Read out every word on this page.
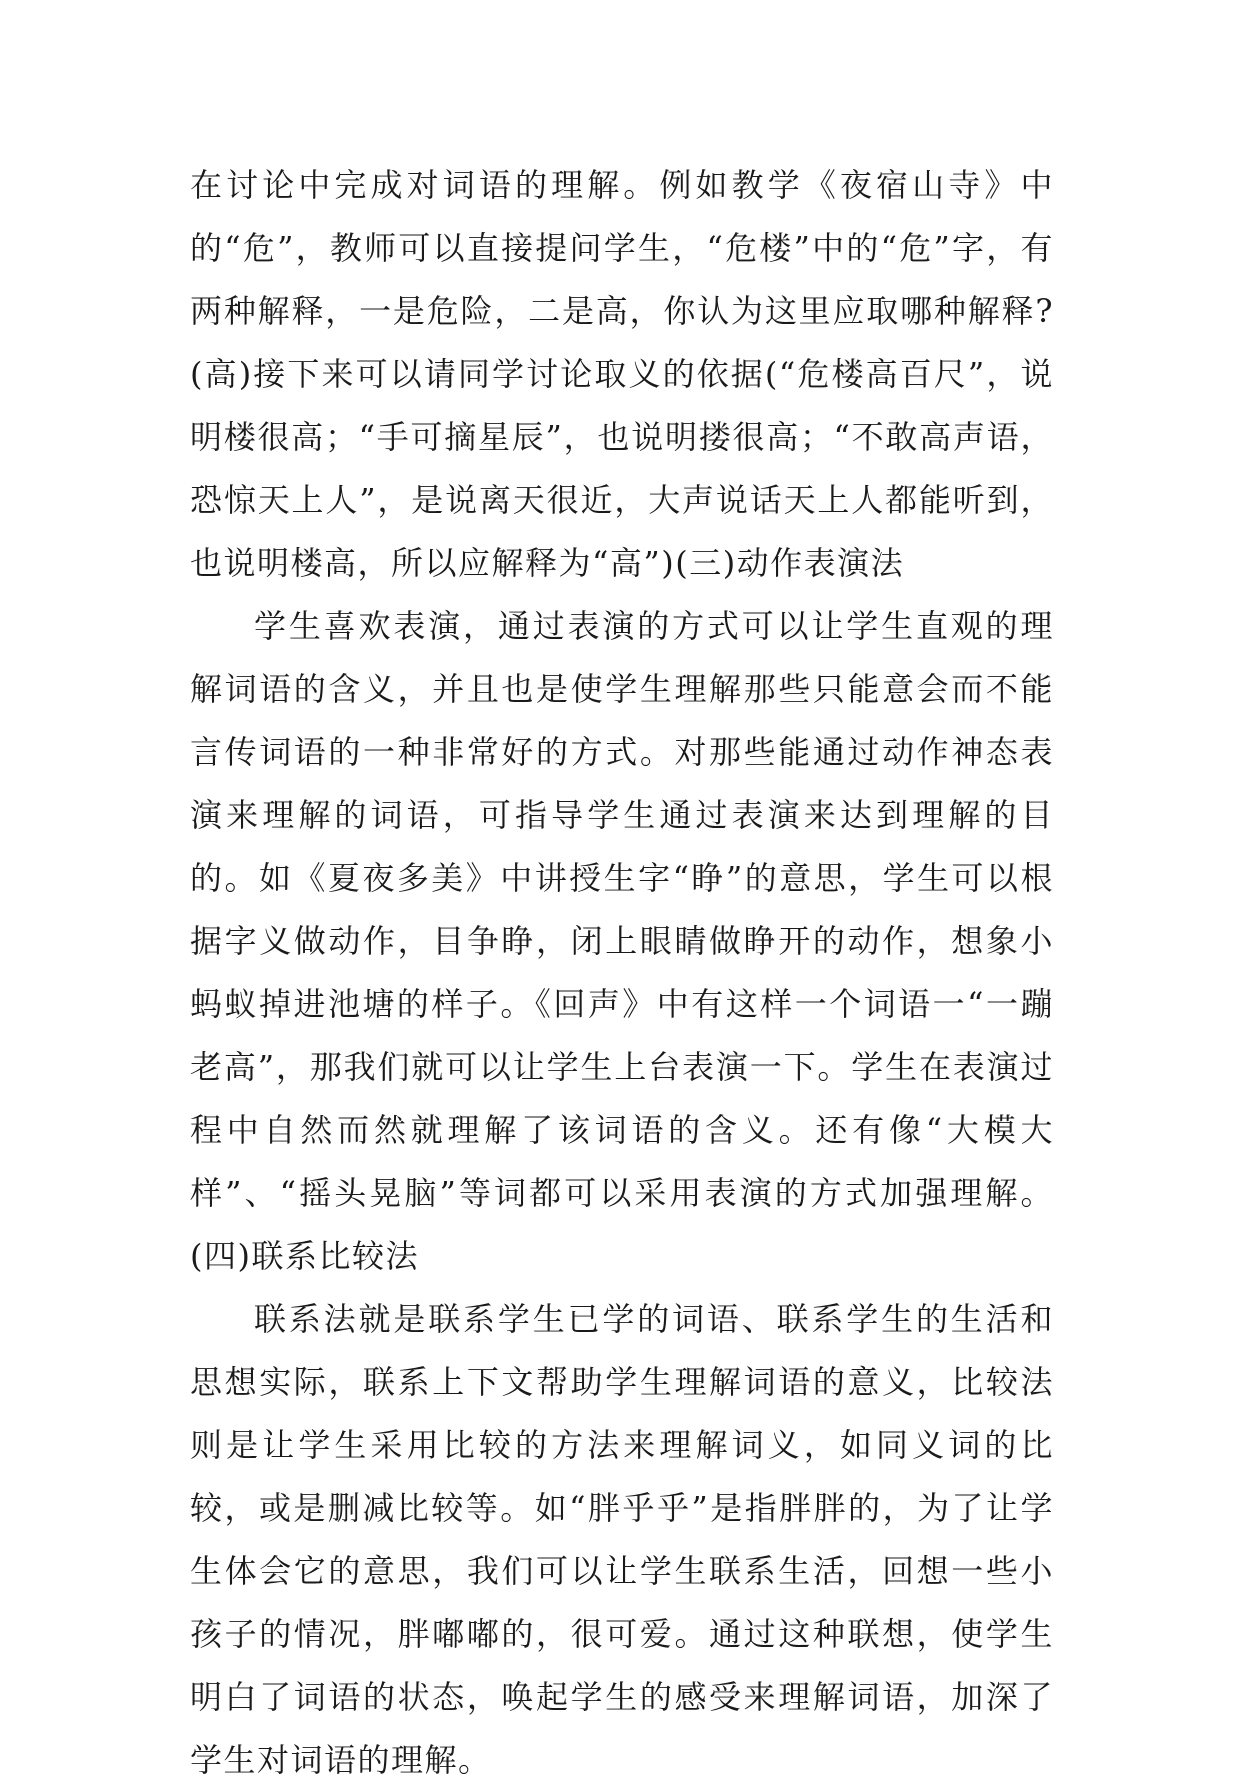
在讨论中完成对词语的理解。例如教学《夜宿山寺》中的“危”，教师可以直接提问学生，“危楼”中的“危”字，有两种解释，一是危险，二是高，你认为这里应取哪种解释?(高)接下来可以请同学讨论取义的依据(“危楼高百尺”，说明楼很高；“手可摘星辰”，也说明搂很高；“不敢高声语，恐惊天上人”，是说离天很近，大声说话天上人都能听到，也说明楼高，所以应解释为“高”)(三)动作表演法

学生喜欢表演，通过表演的方式可以让学生直观的理解词语的含义，并且也是使学生理解那些只能意会而不能言传词语的一种非常好的方式。对那些能通过动作神态表演来理解的词语，可指导学生通过表演来达到理解的目的。如《夏夜多美》中讲授生字“睁”的意思，学生可以根据字义做动作，目争睁，闭上眼睛做睁开的动作，想象小蚂蚁掉进池塘的样子。《回声》中有这样一个词语一“一蹦老高”，那我们就可以让学生上台表演一下。学生在表演过程中自然而然就理解了该词语的含义。还有像“大模大样”、“摇头晃脑”等词都可以采用表演的方式加强理解。(四)联系比较法

联系法就是联系学生已学的词语、联系学生的生活和思想实际，联系上下文帮助学生理解词语的意义，比较法则是让学生采用比较的方法来理解词义，如同义词的比较，或是删减比较等。如“胖乎乎”是指胖胖的，为了让学生体会它的意思，我们可以让学生联系生活，回想一些小孩子的情况，胖嘟嘟的，很可爱。通过这种联想，使学生明白了词语的状态，唤起学生的感受来理解词语，加深了学生对词语的理解。
